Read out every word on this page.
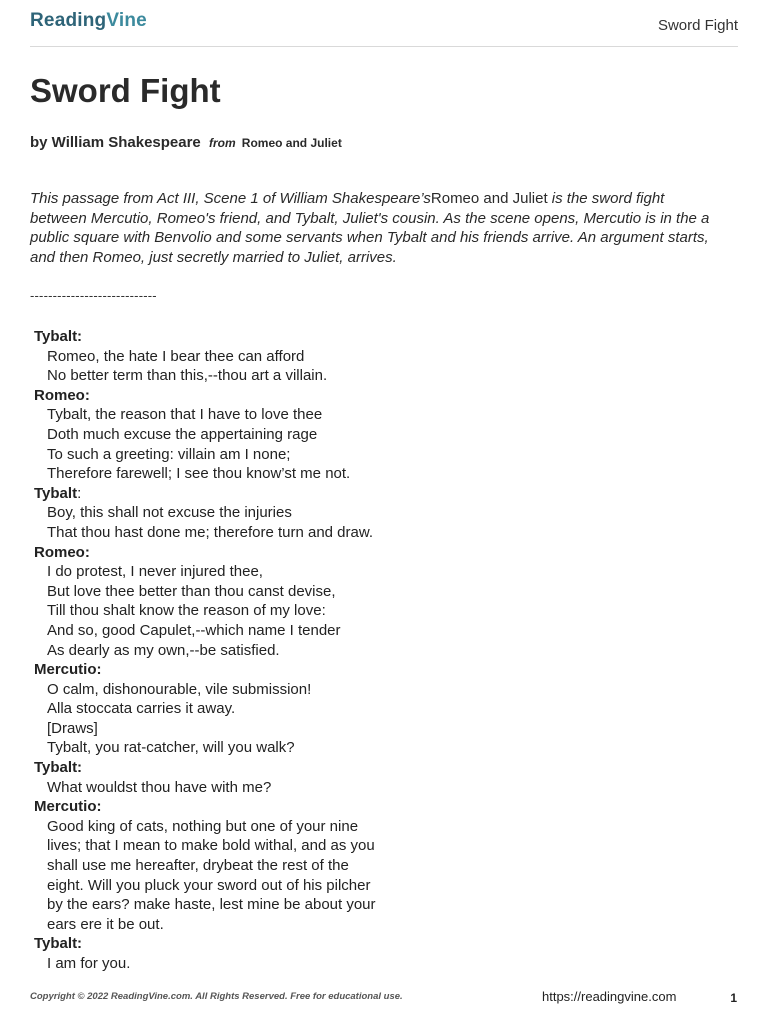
ReadingVine	Sword Fight
Sword Fight
by William Shakespeare from Romeo and Juliet
This passage from Act III, Scene 1 of William Shakespeare’sRomeo and Juliet is the sword fight between Mercutio, Romeo's friend, and Tybalt, Juliet's cousin. As the scene opens, Mercutio is in the a public square with Benvolio and some servants when Tybalt and his friends arrive. An argument starts, and then Romeo, just secretly married to Juliet, arrives.
----------------------------
Tybalt:
Romeo, the hate I bear thee can afford
No better term than this,--thou art a villain.
Romeo:
Tybalt, the reason that I have to love thee
Doth much excuse the appertaining rage
To such a greeting: villain am I none;
Therefore farewell; I see thou know’st me not.
Tybalt:
Boy, this shall not excuse the injuries
That thou hast done me; therefore turn and draw.
Romeo:
I do protest, I never injured thee,
But love thee better than thou canst devise,
Till thou shalt know the reason of my love:
And so, good Capulet,--which name I tender
As dearly as my own,--be satisfied.
Mercutio:
O calm, dishonourable, vile submission!
Alla stoccata carries it away.
[Draws]
Tybalt, you rat-catcher, will you walk?
Tybalt:
What wouldst thou have with me?
Mercutio:
Good king of cats, nothing but one of your nine
lives; that I mean to make bold withal, and as you
shall use me hereafter, drybeat the rest of the
eight. Will you pluck your sword out of his pilcher
by the ears? make haste, lest mine be about your
ears ere it be out.
Tybalt:
I am for you.
Copyright © 2022 ReadingVine.com. All Rights Reserved. Free for educational use.	https://readingvine.com	1
